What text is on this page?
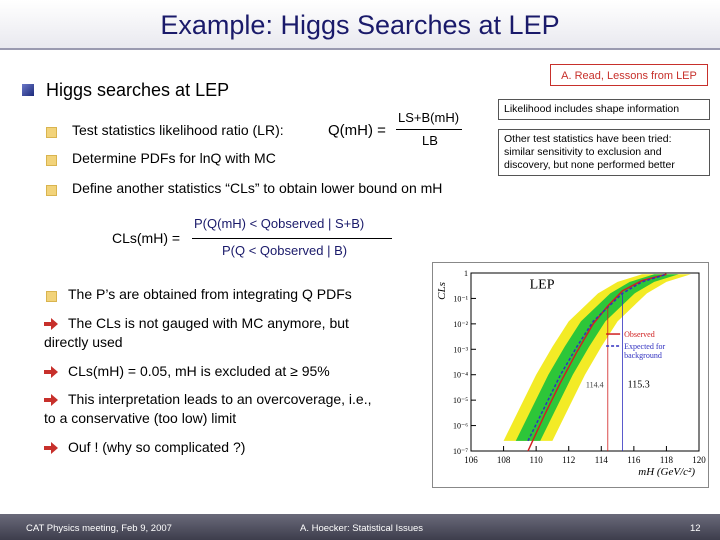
Example: Higgs Searches at LEP
A. Read, Lessons from LEP
Higgs searches at LEP
Test statistics likelihood ratio (LR):	Q(mH) =
LS+B(mH)
LB
Determine PDFs for lnQ with MC
Define another statistics “CLs” to obtain lower bound on mH
CLs(mH) =
P(Q(mH) < Qobserved | S+B)
P(Q < Qobserved | B)
The P’s are obtained from integrating Q PDFs
The CLs is not gauged with MC anymore, but
directly used
CLs(mH) = 0.05, mH is excluded at ≥ 95%
This interpretation leads to an overcoverage, i.e.,
to a conservative (too low) limit
Ouf ! (why so complicated ?)
Likelihood includes shape information
Other test statistics have been tried: similar sensitivity to exclusion and discovery, but none performed better
106 108 110 112 114 116 118 120
1
10⁻¹
10⁻²
10⁻³
10⁻⁴
10⁻⁵
10⁻⁶
10⁻⁷
CLs
mH (GeV/c²)
LEP
114.4 115.3
Observed
Expected for background
CAT Physics meeting, Feb 9, 2007	A. Hoecker: Statistical Issues	12
